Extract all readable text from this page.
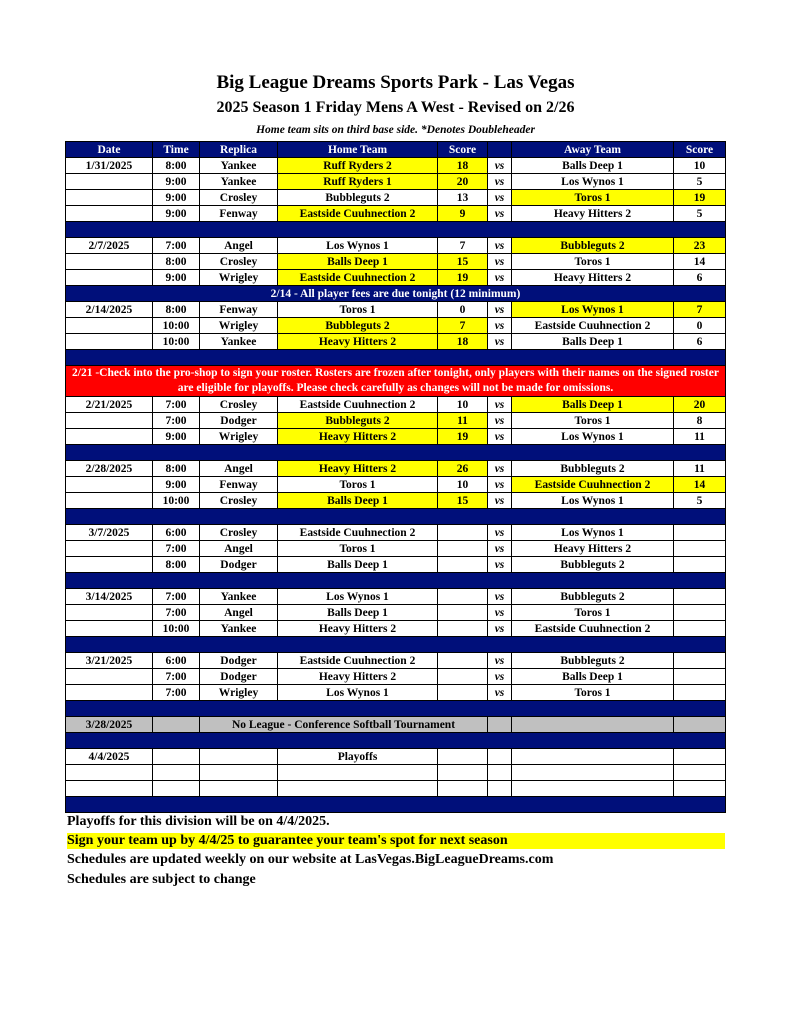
Big League Dreams Sports Park - Las Vegas
2025 Season 1 Friday Mens A West - Revised on 2/26
Home team sits on third base side. *Denotes Doubleheader
Date	Time	Replica	Home Team	Score		Away Team	Score
1/31/2025	8:00	Yankee	Ruff Ryders 2	18	vs	Balls Deep 1	10
	9:00	Yankee	Ruff Ryders 1	20	vs	Los Wynos 1	5
	9:00	Crosley	Bubbleguts 2	13	vs	Toros 1	19
	9:00	Fenway	Eastside Cuuhnection 2	9	vs	Heavy Hitters 2	5

2/7/2025	7:00	Angel	Los Wynos 1	7	vs	Bubbleguts 2	23
	8:00	Crosley	Balls Deep 1	15	vs	Toros 1	14
	9:00	Wrigley	Eastside Cuuhnection 2	19	vs	Heavy Hitters 2	6
2/14 - All player fees are due tonight (12 minimum)							
2/14/2025	8:00	Fenway	Toros 1	0	vs	Los Wynos 1	7
	10:00	Wrigley	Bubbleguts 2	7	vs	Eastside Cuuhnection 2	0
	10:00	Yankee	Heavy Hitters 2	18	vs	Balls Deep 1	6

2/21 -Check into the pro-shop to sign your roster. Rosters are frozen after tonight, only players with their names on the signed roster are eligible for playoffs. Please check carefully as changes will not be made for omissions.							
2/21/2025	7:00	Crosley	Eastside Cuuhnection 2	10	vs	Balls Deep 1	20
	7:00	Dodger	Bubbleguts 2	11	vs	Toros 1	8
	9:00	Wrigley	Heavy Hitters 2	19	vs	Los Wynos 1	11

2/28/2025	8:00	Angel	Heavy Hitters 2	26	vs	Bubbleguts 2	11
	9:00	Fenway	Toros 1	10	vs	Eastside Cuuhnection 2	14
	10:00	Crosley	Balls Deep 1	15	vs	Los Wynos 1	5

3/7/2025	6:00	Crosley	Eastside Cuuhnection 2		vs	Los Wynos 1	
	7:00	Angel	Toros 1		vs	Heavy Hitters 2	
	8:00	Dodger	Balls Deep 1		vs	Bubbleguts 2	

3/14/2025	7:00	Yankee	Los Wynos 1		vs	Bubbleguts 2	
	7:00	Angel	Balls Deep 1		vs	Toros 1	
	10:00	Yankee	Heavy Hitters 2		vs	Eastside Cuuhnection 2	

3/21/2025	6:00	Dodger	Eastside Cuuhnection 2		vs	Bubbleguts 2	
	7:00	Dodger	Heavy Hitters 2		vs	Balls Deep 1	
	7:00	Wrigley	Los Wynos 1		vs	Toros 1	

3/28/2025		No League - Conference Softball Tournament					

4/4/2025			Playoffs				

Playoffs for this division will be on 4/4/2025.
Sign your team up by 4/4/25 to guarantee your team's spot for next season
Schedules are updated weekly on our website at LasVegas.BigLeagueDreams.com
Schedules are subject to change
